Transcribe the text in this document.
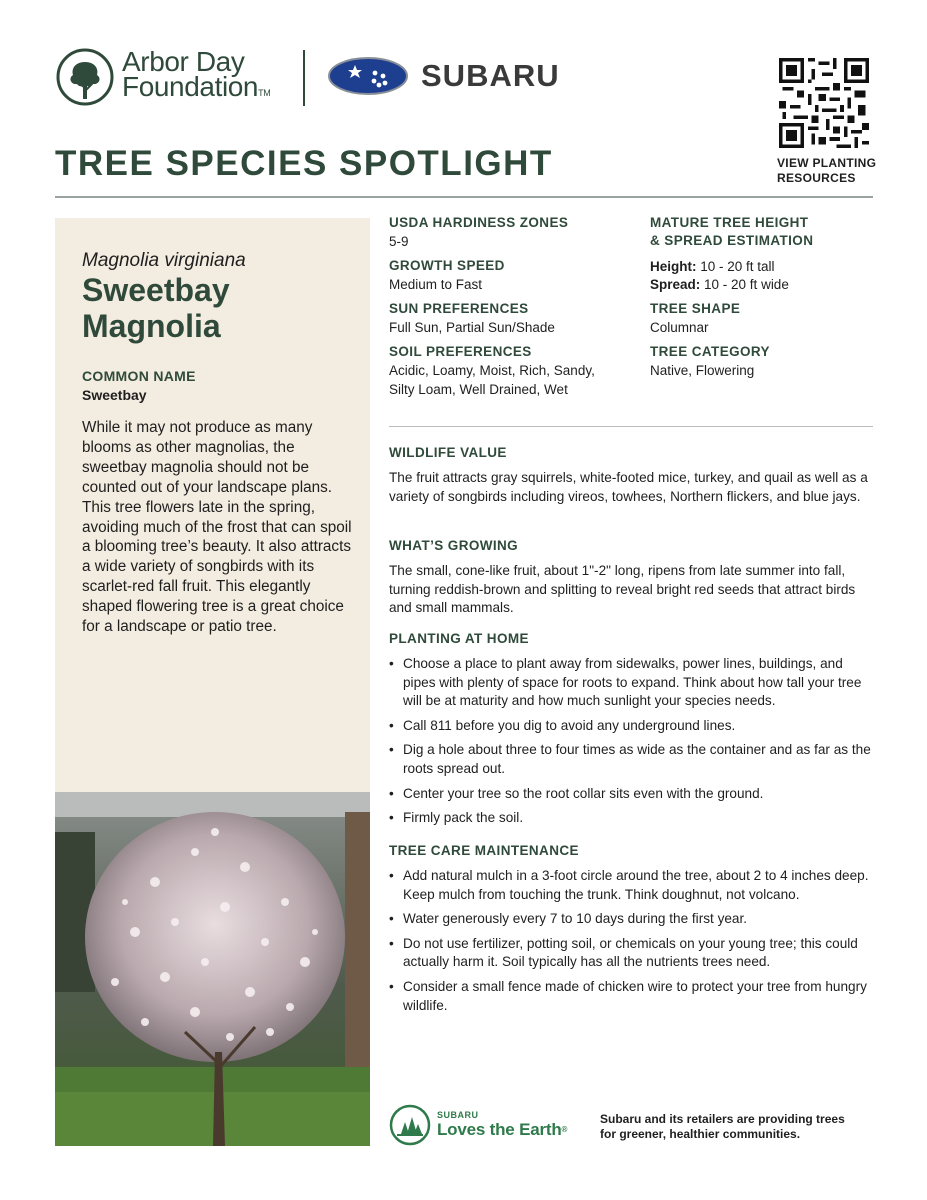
Arbor Day
FoundationTM	SUBARU
VIEW PLANTING
RESOURCES
TREE SPECIES SPOTLIGHT
Magnolia virginiana
Sweetbay Magnolia
COMMON NAME
Sweetbay

While it may not produce as many blooms as other magnolias, the sweetbay magnolia should not be counted out of your landscape plans. This tree flowers late in the spring, avoiding much of the frost that can spoil a blooming tree’s beauty. It also attracts a wide variety of songbirds with its scarlet-red fall fruit. This elegantly shaped flowering tree is a great choice for a landscape or patio tree.

USDA HARDINESS ZONES
5-9
GROWTH SPEED
Medium to Fast
SUN PREFERENCES
Full Sun, Partial Sun/Shade
SOIL PREFERENCES
Acidic, Loamy, Moist, Rich, Sandy,
Silty Loam, Well Drained, Wet
MATURE TREE HEIGHT
& SPREAD ESTIMATION
Height: 10 - 20 ft tall
Spread: 10 - 20 ft wide
TREE SHAPE
Columnar
TREE CATEGORY
Native, Flowering
WILDLIFE VALUE

The fruit attracts gray squirrels, white-footed mice, turkey, and quail as well as a variety of songbirds including vireos, towhees, Northern flickers, and blue jays.

WHAT’S GROWING

The small, cone-like fruit, about 1"-2" long, ripens from late summer into fall, turning reddish-brown and splitting to reveal bright red seeds that attract birds and small mammals.

PLANTING AT HOME
• Choose a place to plant away from sidewalks, power lines, buildings, and pipes with plenty of space for roots to expand. Think about how tall your tree will be at maturity and how much sunlight your species needs.
• Call 811 before you dig to avoid any underground lines.
• Dig a hole about three to four times as wide as the container and as far as the roots spread out.
• Center your tree so the root collar sits even with the ground.
• Firmly pack the soil.
TREE CARE MAINTENANCE
• Add natural mulch in a 3-foot circle around the tree, about 2 to 4 inches deep. Keep mulch from touching the trunk. Think doughnut, not volcano.
• Water generously every 7 to 10 days during the first year.
• Do not use fertilizer, potting soil, or chemicals on your young tree; this could actually harm it. Soil typically has all the nutrients trees need.
• Consider a small fence made of chicken wire to protect your tree from hungry wildlife.
SUBARU
Loves the Earth®
Subaru and its retailers are providing trees
for greener, healthier communities.
